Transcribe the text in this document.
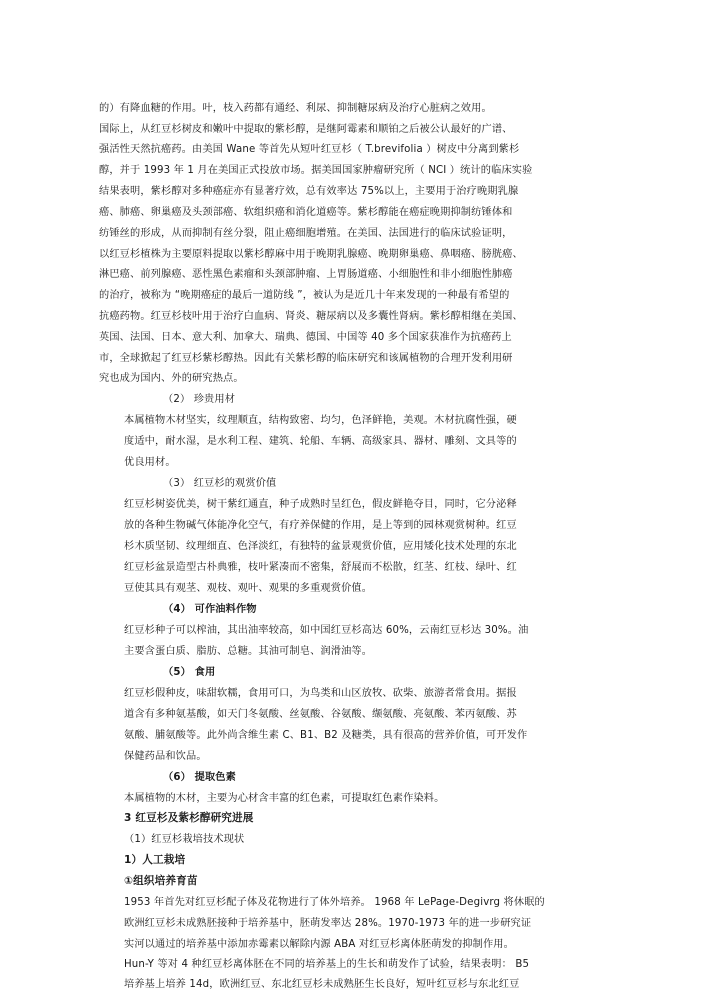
的）有降血糖的作用。叶，枝入药都有通经、利尿、抑制糖尿病及治疗心脏病之效用。
国际上，从红豆杉树皮和嫩叶中提取的紫杉醇，是继阿霉素和顺铂之后被公认最好的广谱、
强活性天然抗癌药。由美国 Wane 等首先从短叶红豆杉（ T.brevifolia ）树皮中分离到紫杉
醇，并于 1993 年 1 月在美国正式投放市场。据美国国家肿瘤研究所（ NCI ）统计的临床实验
结果表明，紫杉醇对多种癌症亦有显著疗效，总有效率达 75%以上，主要用于治疗晚期乳腺
癌、肺癌、卵巢癌及头颈部癌、软组织癌和消化道癌等。紫杉醇能在癌症晚期抑制纺锤体和
纺锤丝的形成，从而抑制有丝分裂，阻止癌细胞增殖。在美国、法国进行的临床试验证明，
以红豆杉植株为主要原料提取以紫杉醇麻中用于晚期乳腺癌、晚期卵巢癌、鼻咽癌、膀胱癌、
淋巴癌、前列腺癌、恶性黑色素瘤和头颈部肿瘤、上胃肠道癌、小细胞性和非小细胞性肺癌
的治疗，被称为 “晚期癌症的最后一道防线 ”，被认为是近几十年来发现的一种最有希望的
抗癌药物。红豆杉枝叶用于治疗白血病、肾炎、糖尿病以及多囊性肾病。紫杉醇相继在美国、
英国、法国、日本、意大利、加拿大、瑞典、德国、中国等 40 多个国家获准作为抗癌药上
市，全球掀起了红豆杉紫杉醇热。因此有关紫杉醇的临床研究和该属植物的合理开发利用研
究也成为国内、外的研究热点。
（2） 珍贵用材
本属植物木材坚实，纹理顺直，结构致密、均匀，色泽鲜艳，美观。木材抗腐性强，硬
度适中，耐水湿，是水利工程、建筑、轮船、车辆、高级家具、器材、雕刻、文具等的
优良用材。
（3） 红豆杉的观赏价值
红豆杉树姿优美，树干紫红通直，种子成熟时呈红色，假皮鲜艳夺目，同时，它分泌释
放的各种生物碱气体能净化空气，有疗养保健的作用，是上等到的园林观赏树种。红豆
杉木质坚韧、纹理细直、色泽淡红，有独特的盆景观赏价值，应用矮化技术处理的东北
红豆杉盆景造型古朴典雅，枝叶紧凑而不密集，舒展而不松散，红茎、红枝、绿叶、红
豆使其具有观茎、观枝、观叶、观果的多重观赏价值。
（4） 可作油料作物
红豆杉种子可以榨油，其出油率较高，如中国红豆杉高达 60%，云南红豆杉达 30%。油
主要含蛋白质、脂肪、总糖。其油可制皂、润滑油等。
（5） 食用
红豆杉假种皮，味甜软糯，食用可口，为鸟类和山区放牧、砍柴、旅游者常食用。据报
道含有多种氨基酸，如天门冬氨酸、丝氨酸、谷氨酸、缬氨酸、亮氨酸、苯丙氨酸、苏
氨酸、脯氨酸等。此外尚含维生素 C、B1、B2 及糖类，具有很高的营养价值，可开发作
保健药品和饮品。
（6） 提取色素
本属植物的木材，主要为心材含丰富的红色素，可提取红色素作染料。
3 红豆杉及紫杉醇研究进展
（1）红豆杉栽培技术现状
1）人工栽培
①组织培养育苗
1953 年首先对红豆杉配子体及花物进行了体外培养。 1968 年 LePage-Degivrg 将休眠的
欧洲红豆杉未成熟胚接种于培养基中，胚萌发率达 28%。1970-1973 年的进一步研究证
实河以通过的培养基中添加赤霉素以解除内源 ABA 对红豆杉离体胚萌发的抑制作用。
Hun-Y 等对 4 种红豆杉离体胚在不同的培养基上的生长和萌发作了试验，结果表明： B5
培养基上培养 14d，欧洲红豆、东北红豆杉未成熟胚生长良好，短叶红豆杉与东北红豆
